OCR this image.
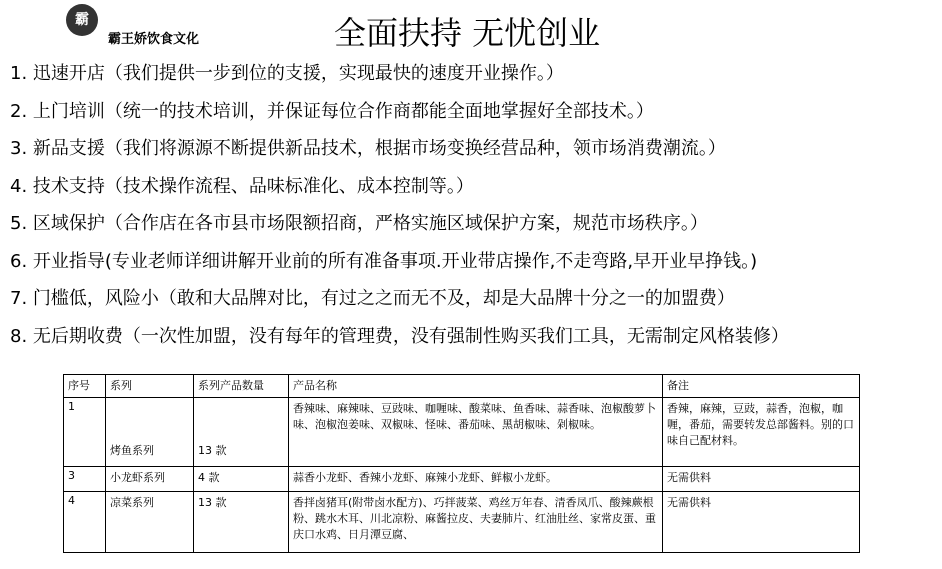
霸
霸王娇饮食文化	全面扶持 无忧创业
1. 迅速开店（我们提供一步到位的支援，实现最快的速度开业操作。）
2. 上门培训（统一的技术培训，并保证每位合作商都能全面地掌握好全部技术。）
3. 新品支援（我们将源源不断提供新品技术，根据市场变换经营品种，领市场消费潮流。）
4. 技术支持（技术操作流程、品味标准化、成本控制等。）
5. 区域保护（合作店在各市县市场限额招商，严格实施区域保护方案，规范市场秩序。）
6. 开业指导(专业老师详细讲解开业前的所有准备事项.开业带店操作,不走弯路,早开业早挣钱。)
7. 门槛低，风险小（敢和大品牌对比，有过之之而无不及，却是大品牌十分之一的加盟费）
8. 无后期收费（一次性加盟，没有每年的管理费，没有强制性购买我们工具，无需制定风格装修）
序号	系列	系列产品数量	产品名称	备注
1	烤鱼系列	13 款	香辣味、麻辣味、豆豉味、咖喱味、酸菜味、鱼香味、蒜香味、泡椒酸萝卜味、泡椒泡姜味、双椒味、怪味、番茄味、黑胡椒味、剁椒味。	香辣，麻辣，豆豉，蒜香，泡椒，咖喱，番茄，需要转发总部酱料。别的口味自己配材料。
3	小龙虾系列	4 款	蒜香小龙虾、香辣小龙虾、麻辣小龙虾、鲜椒小龙虾。	无需供料
4	凉菜系列	13 款	香拌卤猪耳(附带卤水配方)、巧拌菠菜、鸡丝万年春、清香凤爪、酸辣蕨根粉、跳水木耳、川北凉粉、麻酱拉皮、夫妻肺片、红油肚丝、家常皮蛋、重庆口水鸡、日月潭豆腐、	无需供料
